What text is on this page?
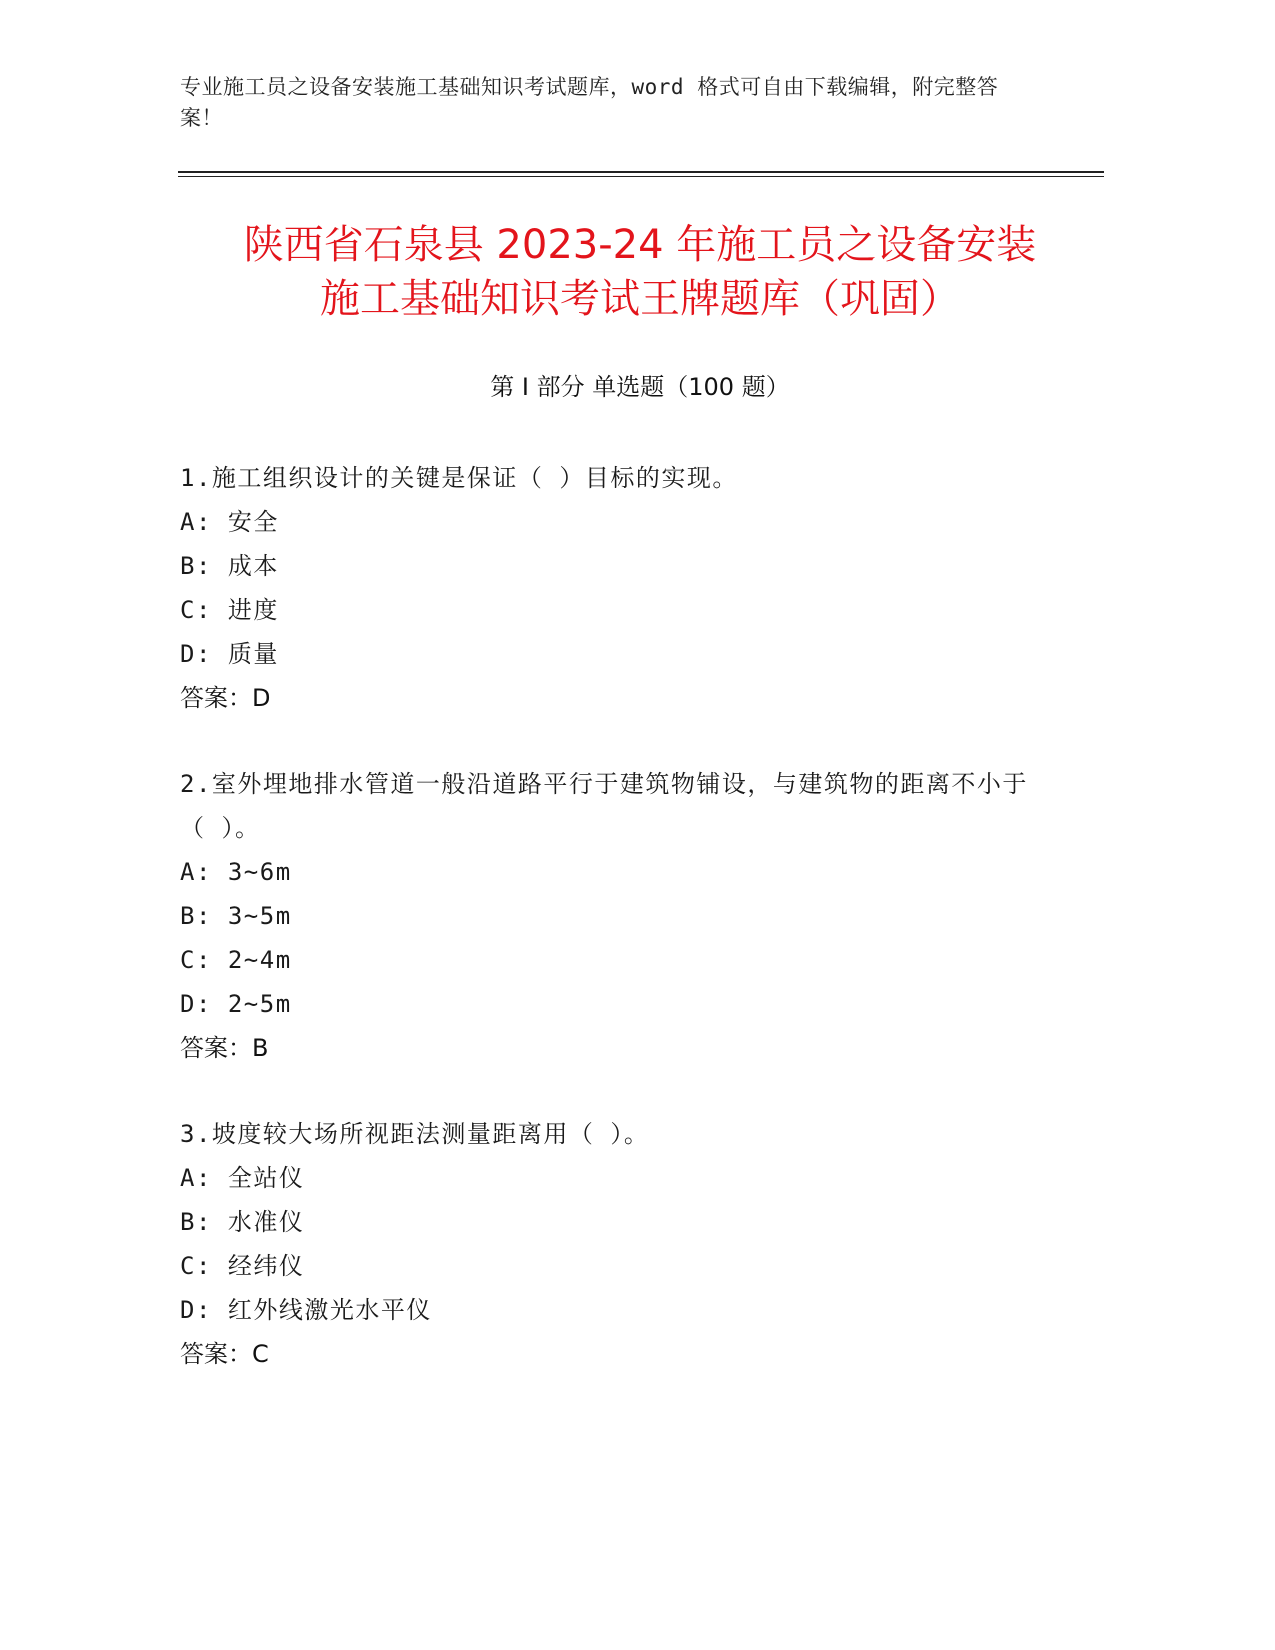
专业施工员之设备安装施工基础知识考试题库，word 格式可自由下载编辑，附完整答案！
陕西省石泉县 2023-24 年施工员之设备安装
施工基础知识考试王牌题库（巩固）
第 I 部分 单选题（100 题）
1.施工组织设计的关键是保证（ ）目标的实现。
A: 安全
B: 成本
C: 进度
D: 质量
答案：D
2.室外埋地排水管道一般沿道路平行于建筑物铺设，与建筑物的距离不小于（ ）。
A: 3~6m
B: 3~5m
C: 2~4m
D: 2~5m
答案：B
3.坡度较大场所视距法测量距离用（ ）。
A: 全站仪
B: 水准仪
C: 经纬仪
D: 红外线激光水平仪
答案：C
